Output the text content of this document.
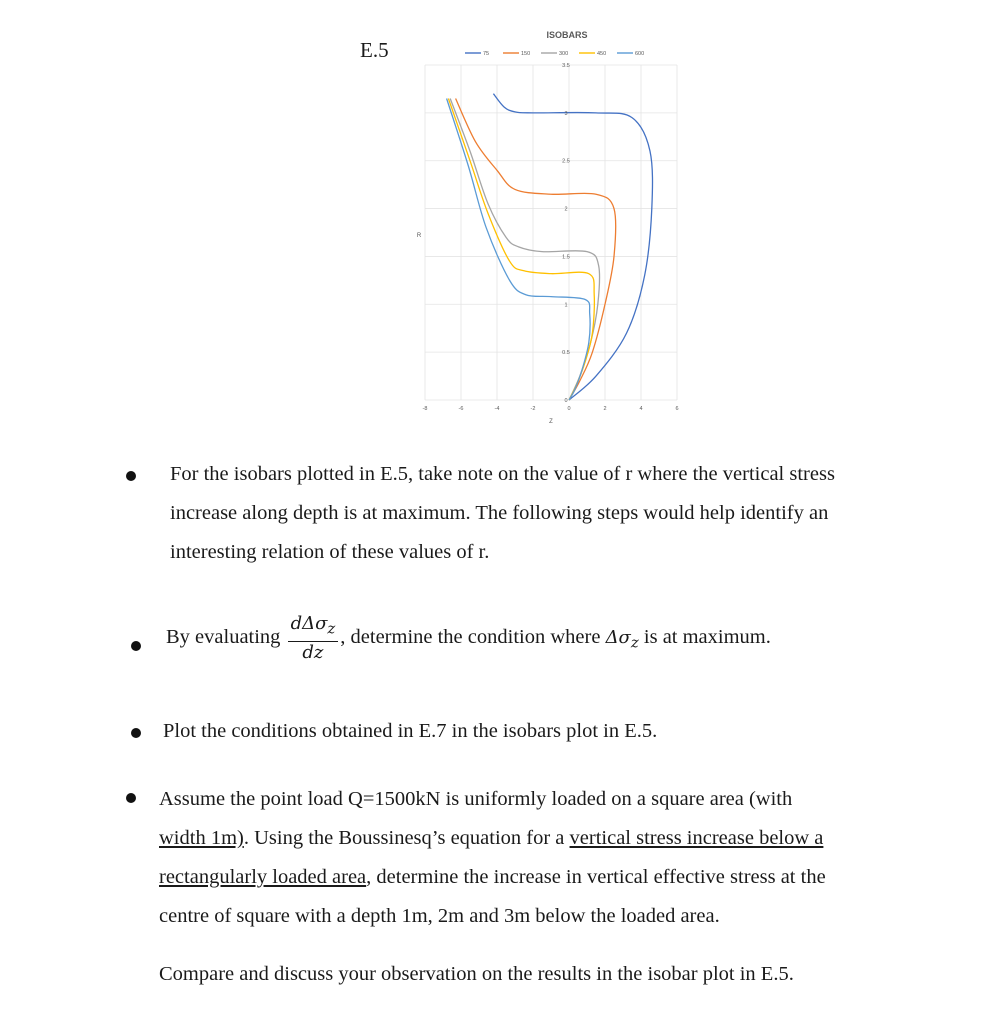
E.5
ISOBARS
75	150	300	450	600
0
0.5
1
1.5
2
2.5
3
3.5
-8	-6	-4	-2	0	2	4	6
Z
R
For the isobars plotted in E.5, take note on the value of r where the vertical stress
increase along depth is at maximum. The following steps would help identify an
interesting relation of these values of r.
By evaluating $\frac{d\Delta\sigma_z}{dz}$ , determine the condition where $\Delta\sigma_z$ is at maximum.
Plot the conditions obtained in E.7 in the isobars plot in E.5.
Assume the point load Q=1500kN is uniformly loaded on a square area (with
width 1m). Using the Boussinesq’s equation for a vertical stress increase below a
rectangularly loaded area, determine the increase in vertical effective stress at the
centre of square with a depth 1m, 2m and 3m below the loaded area.
Compare and discuss your observation on the results in the isobar plot in E.5.
